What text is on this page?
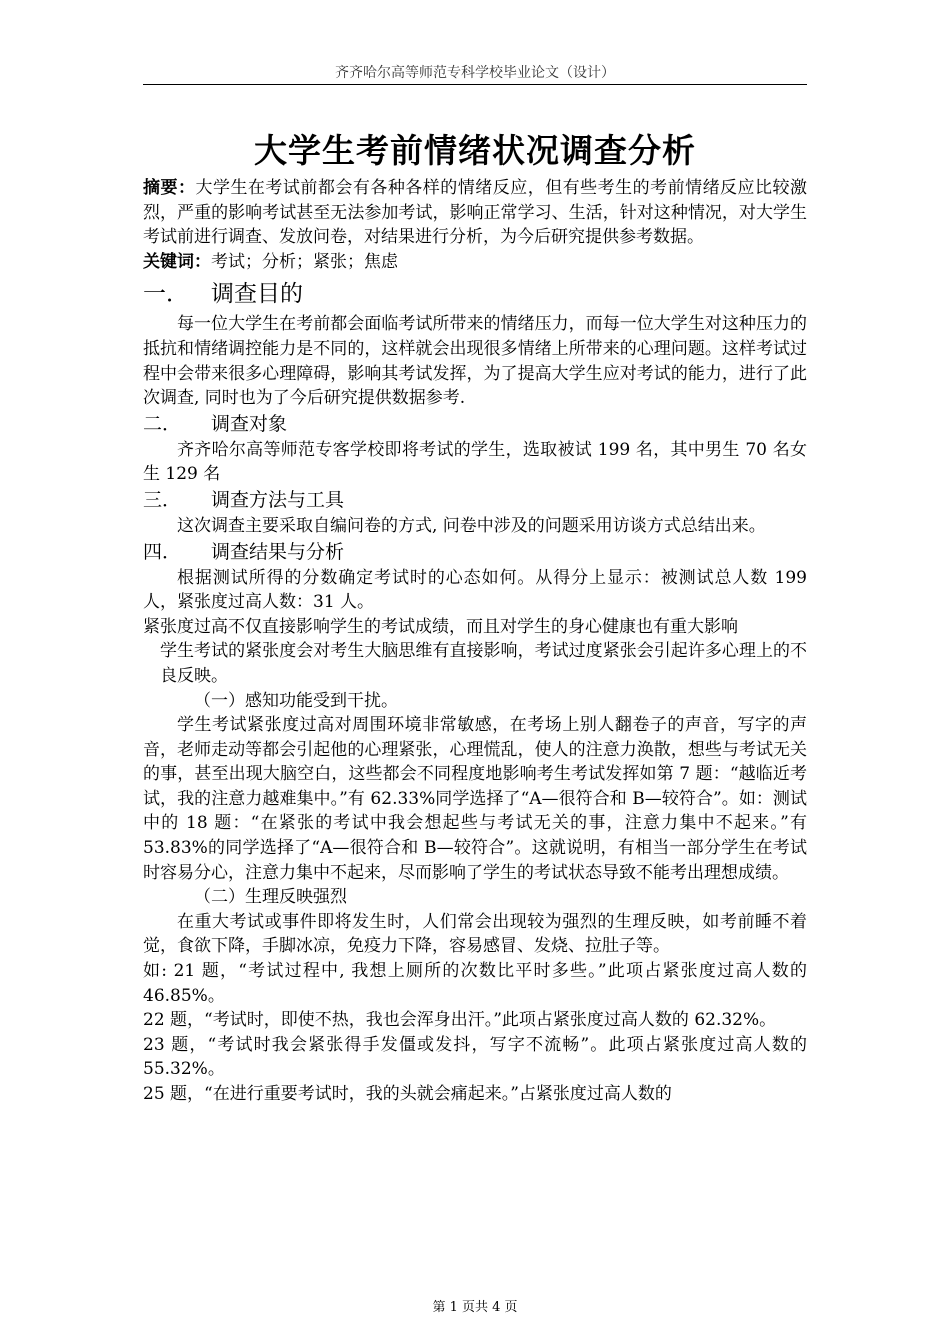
齐齐哈尔高等师范专科学校毕业论文（设计）
大学生考前情绪状况调查分析

摘要：大学生在考试前都会有各种各样的情绪反应，但有些考生的考前情绪反应比较激烈，严重的影响考试甚至无法参加考试，影响正常学习、生活，针对这种情况，对大学生考试前进行调查、发放问卷，对结果进行分析，为今后研究提供参考数据。

关键词：考试；分析；紧张；焦虑

一． 调查目的

每一位大学生在考前都会面临考试所带来的情绪压力，而每一位大学生对这种压力的抵抗和情绪调控能力是不同的，这样就会出现很多情绪上所带来的心理问题。这样考试过程中会带来很多心理障碍，影响其考试发挥，为了提高大学生应对考试的能力，进行了此次调查, 同时也为了今后研究提供数据参考.

二．	调查对象

齐齐哈尔高等师范专客学校即将考试的学生，选取被试 199 名，其中男生 70 名女生 129 名

三．	调查方法与工具

这次调查主要采取自编问卷的方式, 问卷中涉及的问题采用访谈方式总结出来。

四．	调查结果与分析

根据测试所得的分数确定考试时的心态如何。从得分上显示：被测试总人数 199 人，紧张度过高人数：31 人。

紧张度过高不仅直接影响学生的考试成绩，而且对学生的身心健康也有重大影响

学生考试的紧张度会对考生大脑思维有直接影响，考试过度紧张会引起许多心理上的不良反映。

（一）感知功能受到干扰。

学生考试紧张度过高对周围环境非常敏感，在考场上别人翻卷子的声音，写字的声音，老师走动等都会引起他的心理紧张，心理慌乱，使人的注意力涣散，想些与考试无关的事，甚至出现大脑空白，这些都会不同程度地影响考生考试发挥如第 7 题：“越临近考试，我的注意力越难集中。”有 62.33%同学选择了“A—很符合和 B—较符合”。如：测试中的 18 题：“在紧张的考试中我会想起些与考试无关的事，注意力集中不起来。”有 53.83%的同学选择了“A—很符合和 B—较符合”。这就说明，有相当一部分学生在考试时容易分心，注意力集中不起来，尽而影响了学生的考试状态导致不能考出理想成绩。

（二）生理反映强烈

在重大考试或事件即将发生时，人们常会出现较为强烈的生理反映，如考前睡不着觉，食欲下降，手脚冰凉，免疫力下降，容易感冒、发烧、拉肚子等。

如: 21 题，“考试过程中, 我想上厕所的次数比平时多些。”此项占紧张度过高人数的 46.85%。

22 题，“考试时，即使不热，我也会浑身出汗。”此项占紧张度过高人数的 62.32%。

23 题，“考试时我会紧张得手发僵或发抖，写字不流畅”。此项占紧张度过高人数的 55.32%。

25 题，“在进行重要考试时，我的头就会痛起来。”占紧张度过高人数的

第 1 页共 4 页
